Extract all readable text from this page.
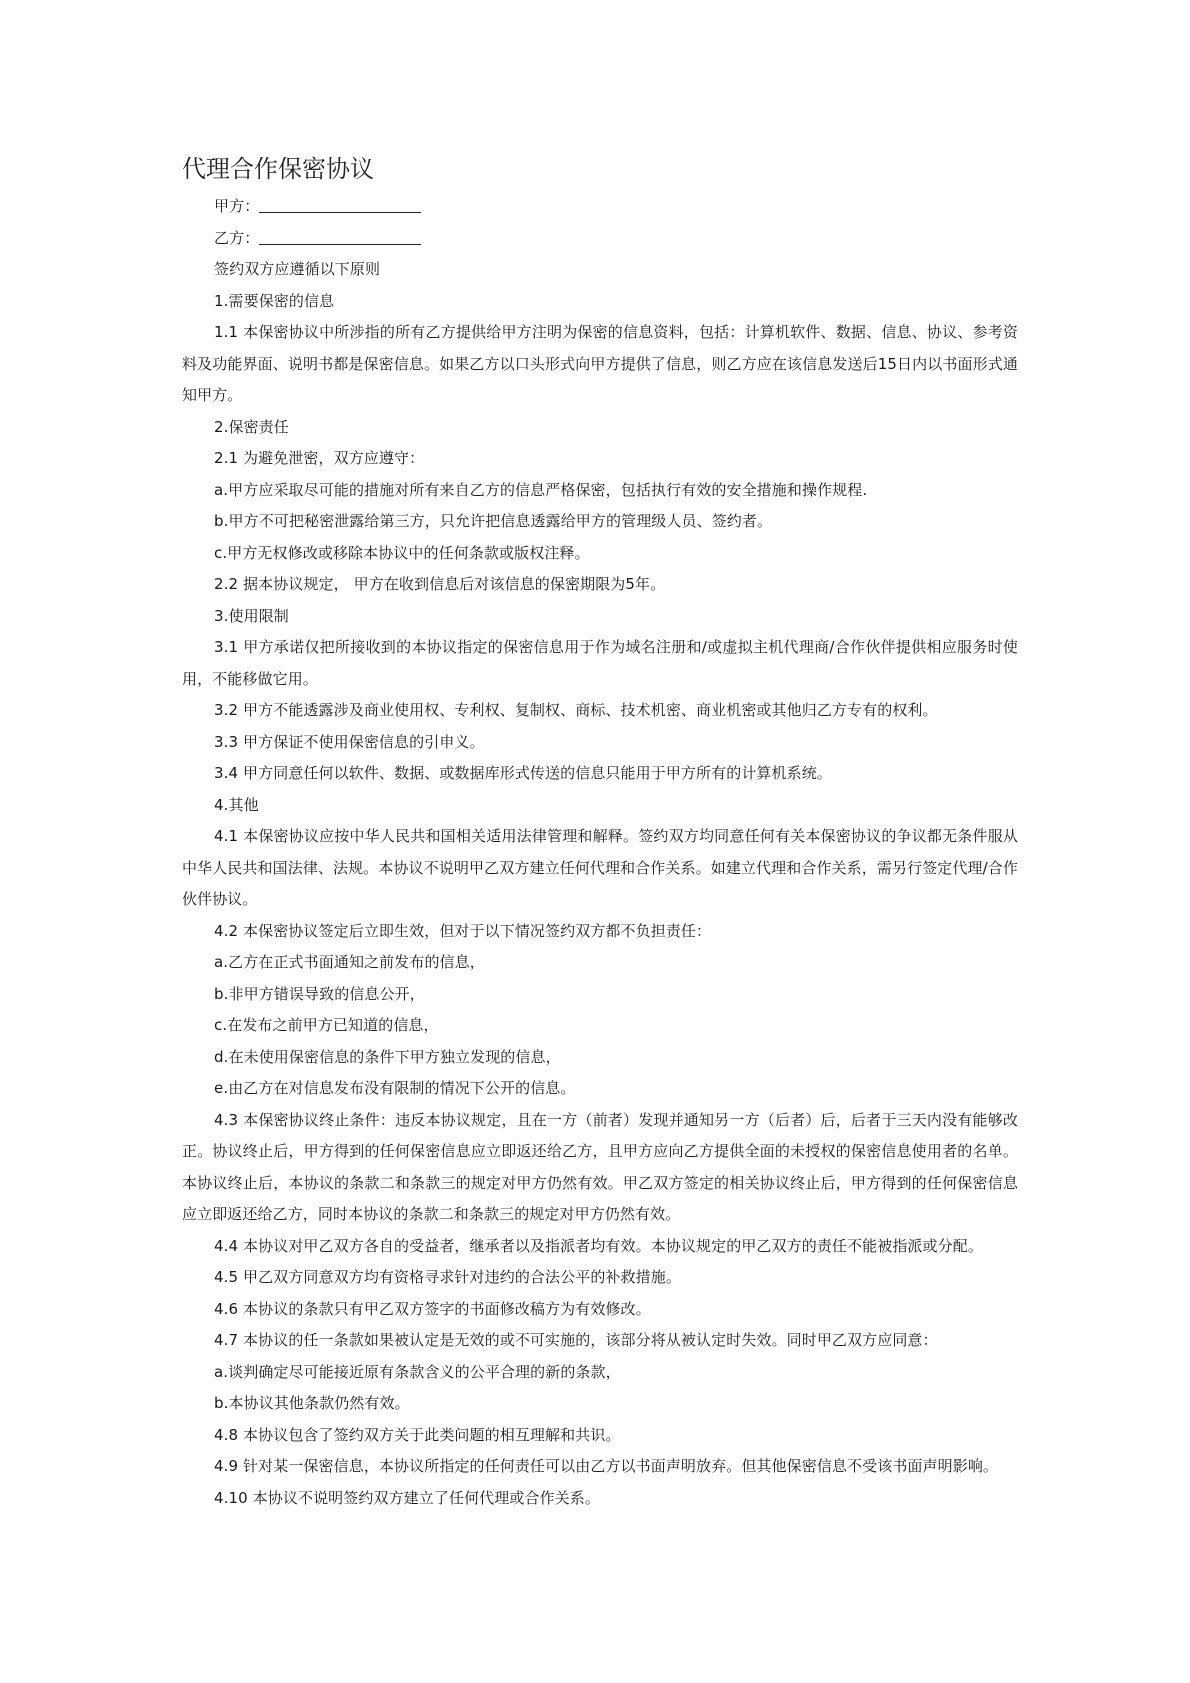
代理合作保密协议

甲方：

乙方：

签约双方应遵循以下原则

1.需要保密的信息

1.1 本保密协议中所涉指的所有乙方提供给甲方注明为保密的信息资料，包括：计算机软件、数据、信息、协议、参考资料及功能界面、说明书都是保密信息。如果乙方以口头形式向甲方提供了信息，则乙方应在该信息发送后15日内以书面形式通知甲方。

2.保密责任

2.1 为避免泄密，双方应遵守：

a.甲方应采取尽可能的措施对所有来自乙方的信息严格保密，包括执行有效的安全措施和操作规程.

b.甲方不可把秘密泄露给第三方，只允许把信息透露给甲方的管理级人员、签约者。

c.甲方无权修改或移除本协议中的任何条款或版权注释。

2.2 据本协议规定， 甲方在收到信息后对该信息的保密期限为5年。

3.使用限制

3.1 甲方承诺仅把所接收到的本协议指定的保密信息用于作为域名注册和/或虚拟主机代理商/合作伙伴提供相应服务时使用，不能移做它用。

3.2 甲方不能透露涉及商业使用权、专利权、复制权、商标、技术机密、商业机密或其他归乙方专有的权利。

3.3 甲方保证不使用保密信息的引申义。

3.4 甲方同意任何以软件、数据、或数据库形式传送的信息只能用于甲方所有的计算机系统。

4.其他

4.1 本保密协议应按中华人民共和国相关适用法律管理和解释。签约双方均同意任何有关本保密协议的争议都无条件服从中华人民共和国法律、法规。本协议不说明甲乙双方建立任何代理和合作关系。如建立代理和合作关系，需另行签定代理/合作伙伴协议。

4.2 本保密协议签定后立即生效，但对于以下情况签约双方都不负担责任：

a.乙方在正式书面通知之前发布的信息，

b.非甲方错误导致的信息公开，

c.在发布之前甲方已知道的信息，

d.在未使用保密信息的条件下甲方独立发现的信息，

e.由乙方在对信息发布没有限制的情况下公开的信息。

4.3 本保密协议终止条件：违反本协议规定，且在一方（前者）发现并通知另一方（后者）后，后者于三天内没有能够改正。协议终止后，甲方得到的任何保密信息应立即返还给乙方，且甲方应向乙方提供全面的未授权的保密信息使用者的名单。本协议终止后，本协议的条款二和条款三的规定对甲方仍然有效。甲乙双方签定的相关协议终止后，甲方得到的任何保密信息应立即返还给乙方，同时本协议的条款二和条款三的规定对甲方仍然有效。

4.4 本协议对甲乙双方各自的受益者，继承者以及指派者均有效。本协议规定的甲乙双方的责任不能被指派或分配。

4.5 甲乙双方同意双方均有资格寻求针对违约的合法公平的补救措施。

4.6 本协议的条款只有甲乙双方签字的书面修改稿方为有效修改。

4.7 本协议的任一条款如果被认定是无效的或不可实施的，该部分将从被认定时失效。同时甲乙双方应同意：

a.谈判确定尽可能接近原有条款含义的公平合理的新的条款，

b.本协议其他条款仍然有效。

4.8 本协议包含了签约双方关于此类问题的相互理解和共识。

4.9 针对某一保密信息，本协议所指定的任何责任可以由乙方以书面声明放弃。但其他保密信息不受该书面声明影响。

4.10 本协议不说明签约双方建立了任何代理或合作关系。
